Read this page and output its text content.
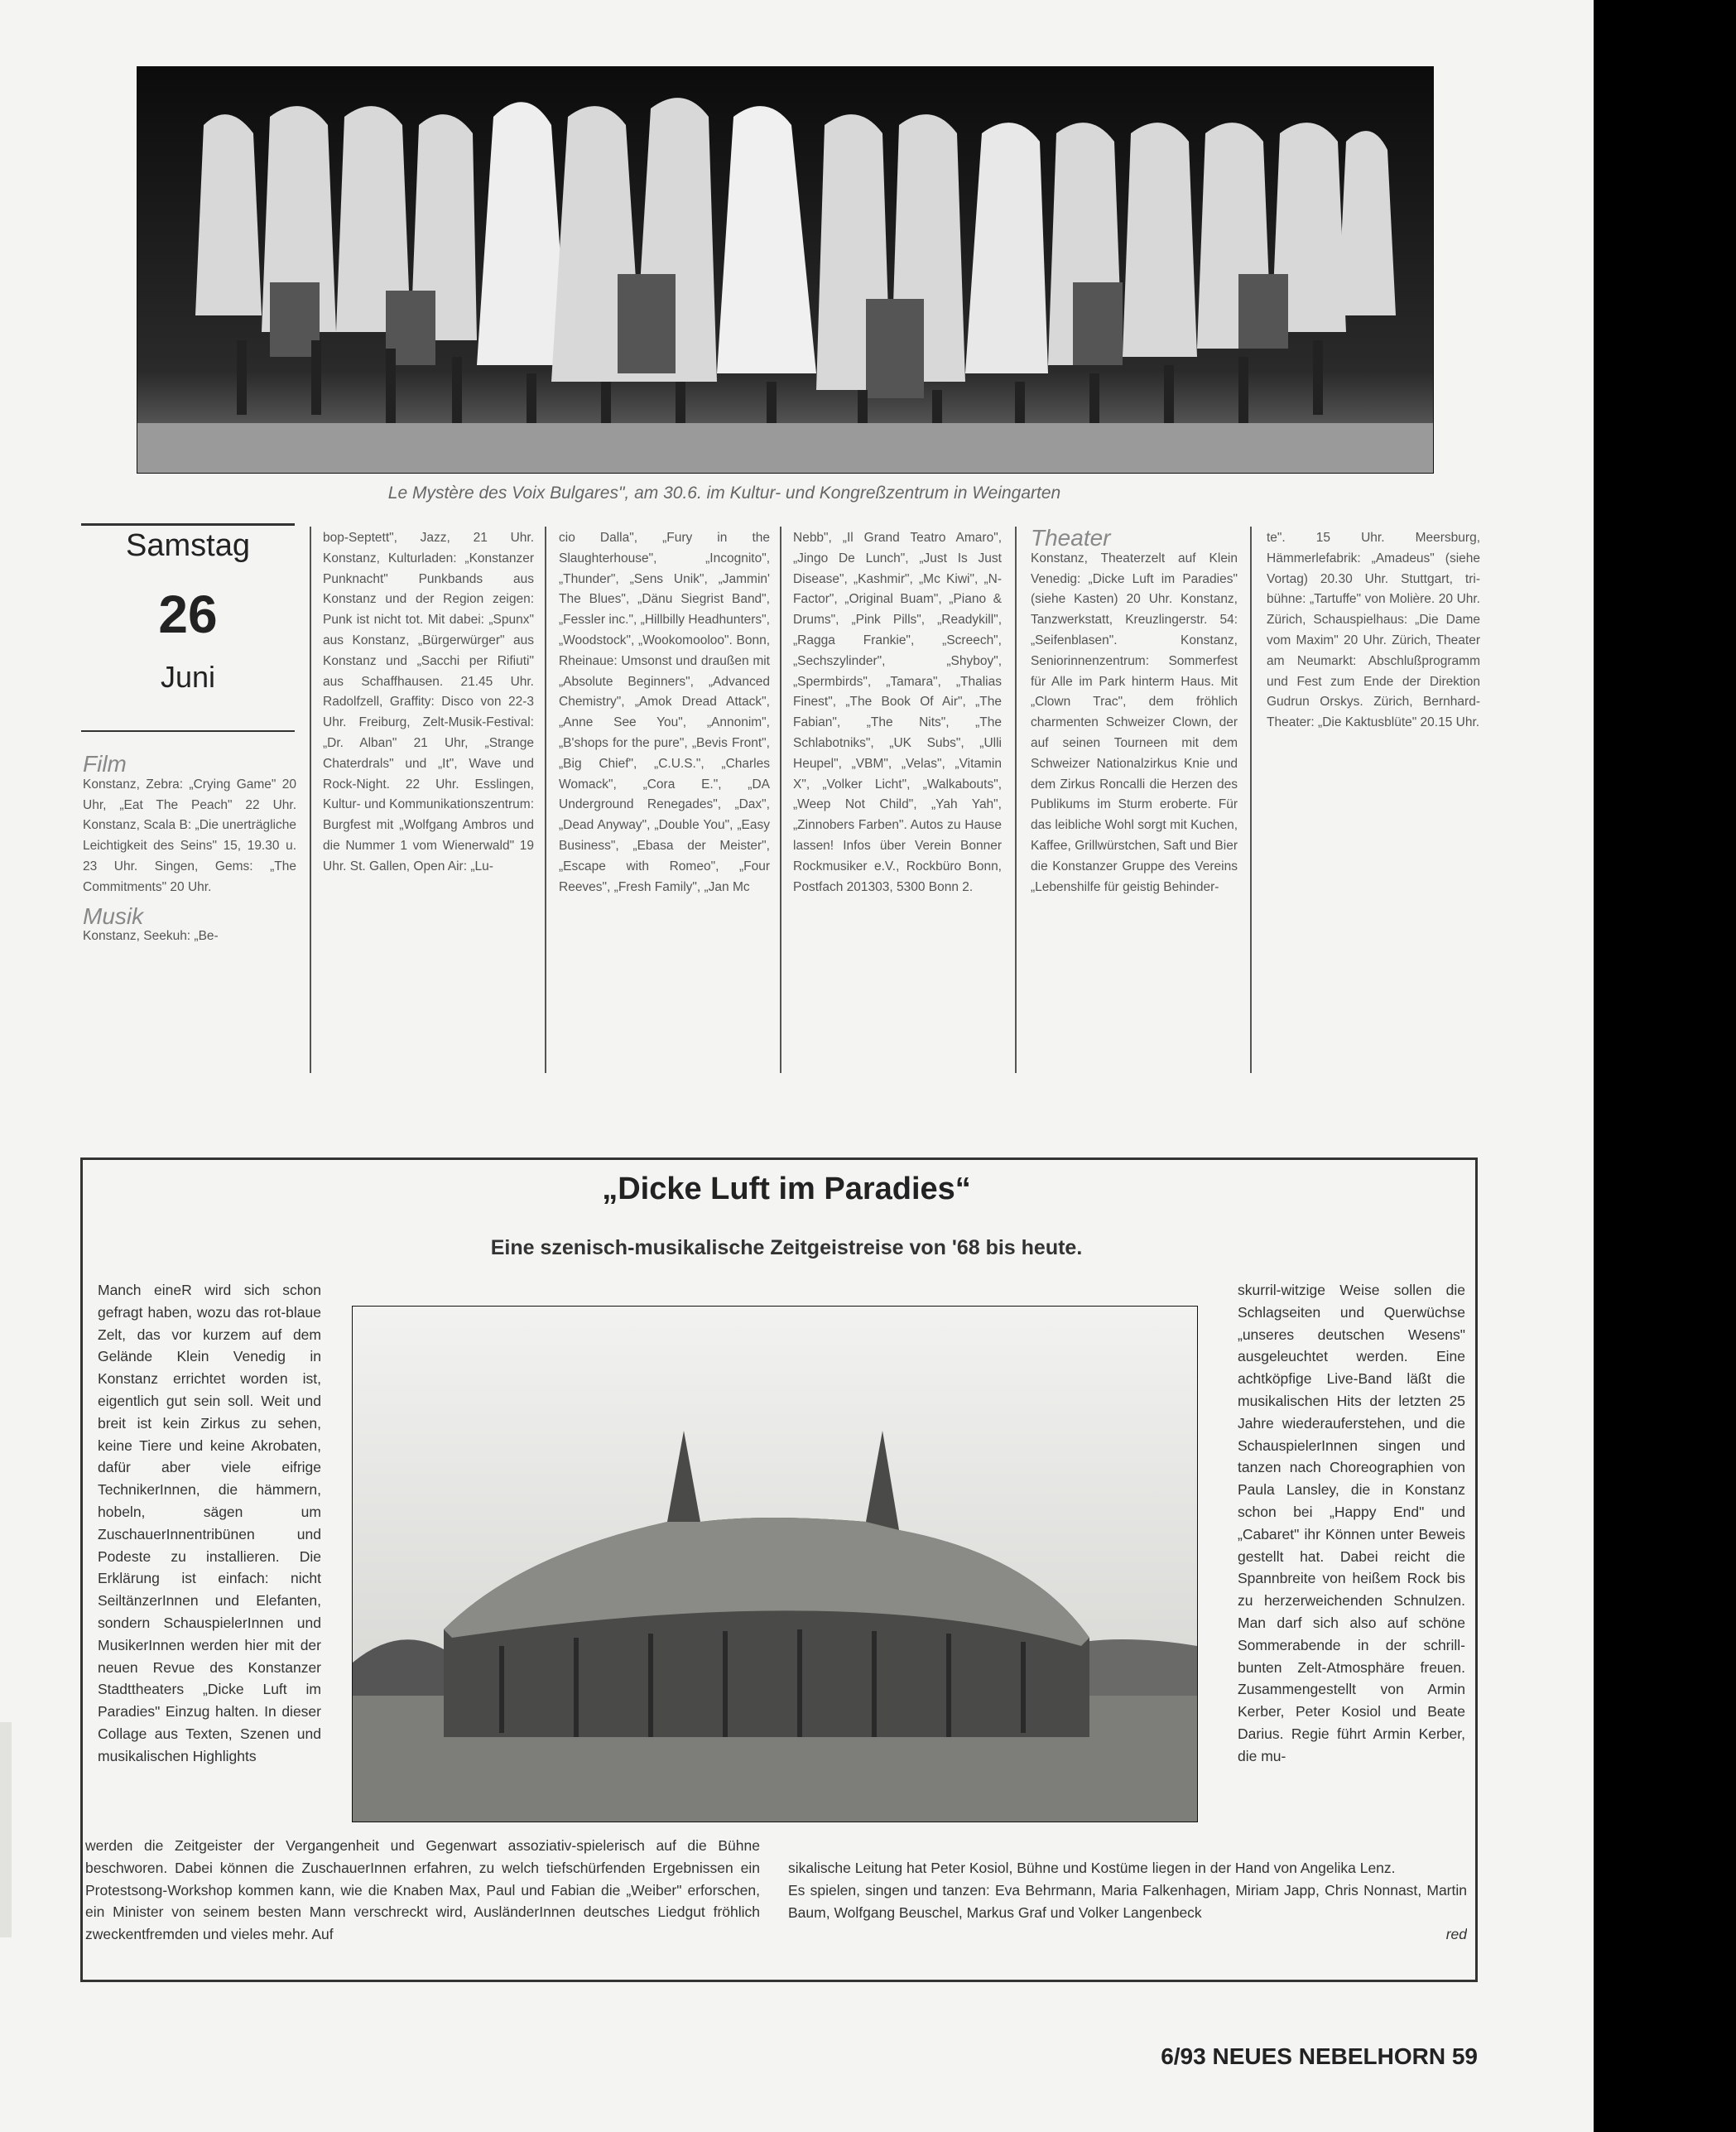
Le Mystère des Voix Bulgares", am 30.6. im Kultur- und Kongreßzentrum in Weingarten
Samstag
26
Juni
Film
Konstanz, Zebra: „Crying Game" 20 Uhr, „Eat The Peach" 22 Uhr. Konstanz, Scala B: „Die unerträgliche Leichtigkeit des Seins" 15, 19.30 u. 23 Uhr. Singen, Gems: „The Commitments" 20 Uhr.
Musik
Konstanz, Seekuh: „Be-
bop-Septett", Jazz, 21 Uhr. Konstanz, Kulturladen: „Konstanzer Punknacht" Punkbands aus Konstanz und der Region zeigen: Punk ist nicht tot. Mit dabei: „Spunx" aus Konstanz, „Bürgerwürger" aus Konstanz und „Sacchi per Rifiuti" aus Schaffhausen. 21.45 Uhr. Radolfzell, Graffity: Disco von 22-3 Uhr. Freiburg, Zelt-Musik-Festival: „Dr. Alban" 21 Uhr, „Strange Chaterdrals" und „It", Wave und Rock-Night. 22 Uhr. Esslingen, Kultur- und Kommunikationszentrum: Burgfest mit „Wolfgang Ambros und die Nummer 1 vom Wienerwald" 19 Uhr. St. Gallen, Open Air: „Lu-
cio Dalla", „Fury in the Slaughterhouse", „Incognito", „Thunder", „Sens Unik", „Jammin' The Blues", „Dänu Siegrist Band", „Fessler inc.", „Hillbilly Headhunters", „Woodstock", „Wookomooloo". Bonn, Rheinaue: Umsonst und draußen mit „Absolute Beginners", „Advanced Chemistry", „Amok Dread Attack", „Anne See You", „Annonim", „B'shops for the pure", „Bevis Front", „Big Chief", „C.U.S.", „Charles Womack", „Cora E.", „DA Underground Renegades", „Dax", „Dead Anyway", „Double You", „Easy Business", „Ebasa der Meister", „Escape with Romeo", „Four Reeves", „Fresh Family", „Jan Mc
Nebb", „Il Grand Teatro Amaro", „Jingo De Lunch", „Just Is Just Disease", „Kashmir", „Mc Kiwi", „N-Factor", „Original Buam", „Piano & Drums", „Pink Pills", „Readykill", „Ragga Frankie", „Screech", „Sechszylinder", „Shyboy", „Spermbirds", „Tamara", „Thalias Finest", „The Book Of Air", „The Fabian", „The Nits", „The Schlabotniks", „UK Subs", „Ulli Heupel", „VBM", „Velas", „Vitamin X", „Volker Licht", „Walkabouts", „Weep Not Child", „Yah Yah", „Zinnobers Farben". Autos zu Hause lassen! Infos über Verein Bonner Rockmusiker e.V., Rockbüro Bonn, Postfach 201303, 5300 Bonn 2.
Theater
Konstanz, Theaterzelt auf Klein Venedig: „Dicke Luft im Paradies" (siehe Kasten) 20 Uhr. Konstanz, Tanzwerkstatt, Kreuzlingerstr. 54: „Seifenblasen". Konstanz, Seniorinnenzentrum: Sommerfest für Alle im Park hinterm Haus. Mit „Clown Trac", dem fröhlich charmenten Schweizer Clown, der auf seinen Tourneen mit dem Schweizer Nationalzirkus Knie und dem Zirkus Roncalli die Herzen des Publikums im Sturm eroberte. Für das leibliche Wohl sorgt mit Kuchen, Kaffee, Grillwürstchen, Saft und Bier die Konstanzer Gruppe des Vereins „Lebenshilfe für geistig Behinder-
te". 15 Uhr. Meersburg, Hämmerlefabrik: „Amadeus" (siehe Vortag) 20.30 Uhr. Stuttgart, tri-bühne: „Tartuffe" von Molière. 20 Uhr. Zürich, Schauspielhaus: „Die Dame vom Maxim" 20 Uhr. Zürich, Theater am Neumarkt: Abschlußprogramm und Fest zum Ende der Direktion Gudrun Orskys. Zürich, Bernhard-Theater: „Die Kaktusblüte" 20.15 Uhr.
„Dicke Luft im Paradies“
Eine szenisch-musikalische Zeitgeistreise von '68 bis heute.
Manch eineR wird sich schon gefragt haben, wozu das rot-blaue Zelt, das vor kurzem auf dem Gelände Klein Venedig in Konstanz errichtet worden ist, eigentlich gut sein soll. Weit und breit ist kein Zirkus zu sehen, keine Tiere und keine Akrobaten, dafür aber viele eifrige TechnikerInnen, die hämmern, hobeln, sägen um ZuschauerInnentribünen und Podeste zu installieren. Die Erklärung ist einfach: nicht SeiltänzerInnen und Elefanten, sondern SchauspielerInnen und MusikerInnen werden hier mit der neuen Revue des Konstanzer Stadttheaters „Dicke Luft im Paradies" Einzug halten. In dieser Collage aus Texten, Szenen und musikalischen Highlights
skurril-witzige Weise sollen die Schlagseiten und Querwüchse „unseres deutschen Wesens" ausgeleuchtet werden. Eine achtköpfige Live-Band läßt die musikalischen Hits der letzten 25 Jahre wiederauferstehen, und die SchauspielerInnen singen und tanzen nach Choreographien von Paula Lansley, die in Konstanz schon bei „Happy End" und „Cabaret" ihr Können unter Beweis gestellt hat. Dabei reicht die Spannbreite von heißem Rock bis zu herzerweichenden Schnulzen. Man darf sich also auf schöne Sommerabende in der schrill-bunten Zelt-Atmosphäre freuen. Zusammengestellt von Armin Kerber, Peter Kosiol und Beate Darius. Regie führt Armin Kerber, die mu-
werden die Zeitgeister der Vergangenheit und Gegenwart assoziativ-spielerisch auf die Bühne beschworen. Dabei können die ZuschauerInnen erfahren, zu welch tiefschürfenden Ergebnissen ein Protestsong-Workshop kommen kann, wie die Knaben Max, Paul und Fabian die „Weiber" erforschen, ein Minister von seinem besten Mann verschreckt wird, AusländerInnen deutsches Liedgut fröhlich zweckentfremden und vieles mehr. Auf
sikalische Leitung hat Peter Kosiol, Bühne und Kostüme liegen in der Hand von Angelika Lenz.
Es spielen, singen und tanzen: Eva Behrmann, Maria Falkenhagen, Miriam Japp, Chris Nonnast, Martin Baum, Wolfgang Beuschel, Markus Graf und Volker Langenbeck
red
6/93 NEUES NEBELHORN 59
